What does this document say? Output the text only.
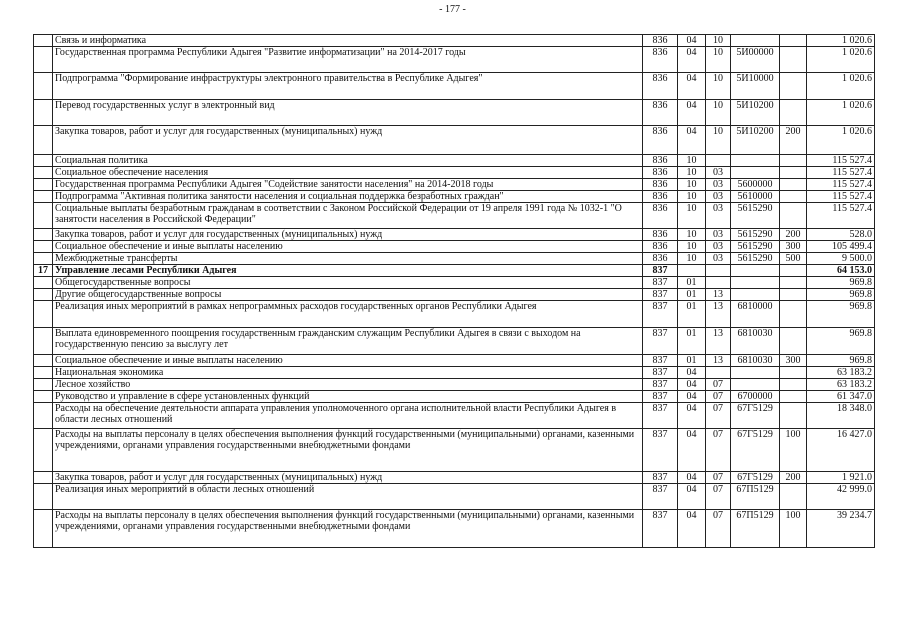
- 177 -
	Связь и информатика	836	04	10			1 020.6
	Государственная программа Республики Адыгея "Развитие информатизации" на 2014-2017 годы	836	04	10	5И00000		1 020.6
	Подпрограмма "Формирование инфраструктуры электронного правительства в Республике Адыгея"	836	04	10	5И10000		1 020.6
	Перевод государственных услуг в электронный вид	836	04	10	5И10200		1 020.6
	Закупка товаров, работ и услуг для государственных (муниципальных) нужд	836	04	10	5И10200	200	1 020.6
	Социальная политика	836	10				115 527.4
	Социальное обеспечение населения	836	10	03			115 527.4
	Государственная программа Республики Адыгея "Содействие занятости населения" на 2014-2018 годы	836	10	03	5600000		115 527.4
	Подпрограмма "Активная политика занятости населения и социальная поддержка безработных граждан"	836	10	03	5610000		115 527.4
	Социальные выплаты безработным гражданам в соответствии с Законом Российской Федерации от 19 апреля 1991 года № 1032-1 "О занятости населения в Российской Федерации"	836	10	03	5615290		115 527.4
	Закупка товаров, работ и услуг для государственных (муниципальных) нужд	836	10	03	5615290	200	528.0
	Социальное обеспечение и иные выплаты населению	836	10	03	5615290	300	105 499.4
	Межбюджетные трансферты	836	10	03	5615290	500	9 500.0
17	Управление лесами Республики Адыгея	837					64 153.0
	Общегосударственные вопросы	837	01				969.8
	Другие общегосударственные вопросы	837	01	13			969.8
	Реализация иных мероприятий в рамках непрограммных расходов государственных органов Республики Адыгея	837	01	13	6810000		969.8
	Выплата единовременного поощрения государственным гражданским служащим Республики Адыгея в связи с выходом на государственную пенсию за выслугу лет	837	01	13	6810030		969.8
	Социальное обеспечение и иные выплаты населению	837	01	13	6810030	300	969.8
	Национальная экономика	837	04				63 183.2
	Лесное хозяйство	837	04	07			63 183.2
	Руководство и управление в сфере установленных функций	837	04	07	6700000		61 347.0
	Расходы на обеспечение деятельности аппарата управления уполномоченного органа исполнительной власти Республики Адыгея в области лесных отношений	837	04	07	67Г5129		18 348.0
	Расходы на выплаты персоналу в целях обеспечения выполнения функций государственными (муниципальными) органами, казенными учреждениями, органами управления государственными внебюджетными фондами	837	04	07	67Г5129	100	16 427.0
	Закупка товаров, работ и услуг для государственных (муниципальных) нужд	837	04	07	67Г5129	200	1 921.0
	Реализация иных мероприятий в области лесных отношений	837	04	07	67П5129		42 999.0
	Расходы на выплаты персоналу в целях обеспечения выполнения функций государственными (муниципальными) органами, казенными учреждениями, органами управления государственными внебюджетными фондами	837	04	07	67П5129	100	39 234.7
